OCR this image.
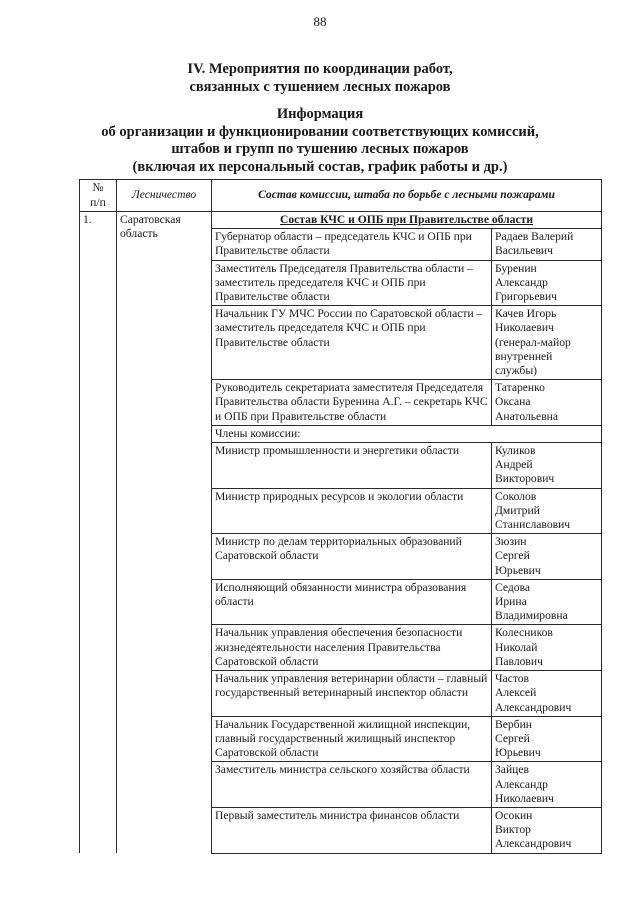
88
IV. Мероприятия по координации работ,
связанных с тушением лесных пожаров
Информация
об организации и функционировании соответствующих комиссий,
штабов и групп по тушению лесных пожаров
(включая их персональный состав, график работы и др.)
№
п/п	Лесничество	Состав комиссии, штаба по борьбе с лесными пожарами	
1.	Саратовская область	Состав КЧС и ОПБ при Правительстве области	
		Губернатор области – председатель КЧС и ОПБ при Правительстве области	Радаев Валерий
Васильевич
		Заместитель Председателя Правительства области – заместитель председателя КЧС и ОПБ при Правительстве области	Буренин
Александр
Григорьевич
		Начальник ГУ МЧС России по Саратовской области – заместитель председателя КЧС и ОПБ при Правительстве области	Качев Игорь
Николаевич
(генерал-майор
внутренней
службы)
		Руководитель секретариата заместителя Председателя Правительства области Буренина А.Г. – секретарь КЧС и ОПБ при Правительстве области	Татаренко
Оксана
Анатольевна
		Члены комиссии:	
		Министр промышленности и энергетики области	Куликов
Андрей
Викторович
		Министр природных ресурсов и экологии области	Соколов
Дмитрий
Станиславович
		Министр по делам территориальных образований Саратовской области	Зюзин
Сергей
Юрьевич
		Исполняющий обязанности министра образования области	Седова
Ирина
Владимировна
		Начальник управления обеспечения безопасности жизнедеятельности населения Правительства Саратовской области	Колесников
Николай
Павлович
		Начальник управления ветеринарии области – главный государственный ветеринарный инспектор области	Частов
Алексей
Александрович
		Начальник Государственной жилищной инспекции, главный государственный жилищный инспектор Саратовской области	Вербин
Сергей
Юрьевич
		Заместитель министра сельского хозяйства области	Зайцев
Александр
Николаевич
		Первый заместитель министра финансов области	Осокин
Виктор
Александрович
